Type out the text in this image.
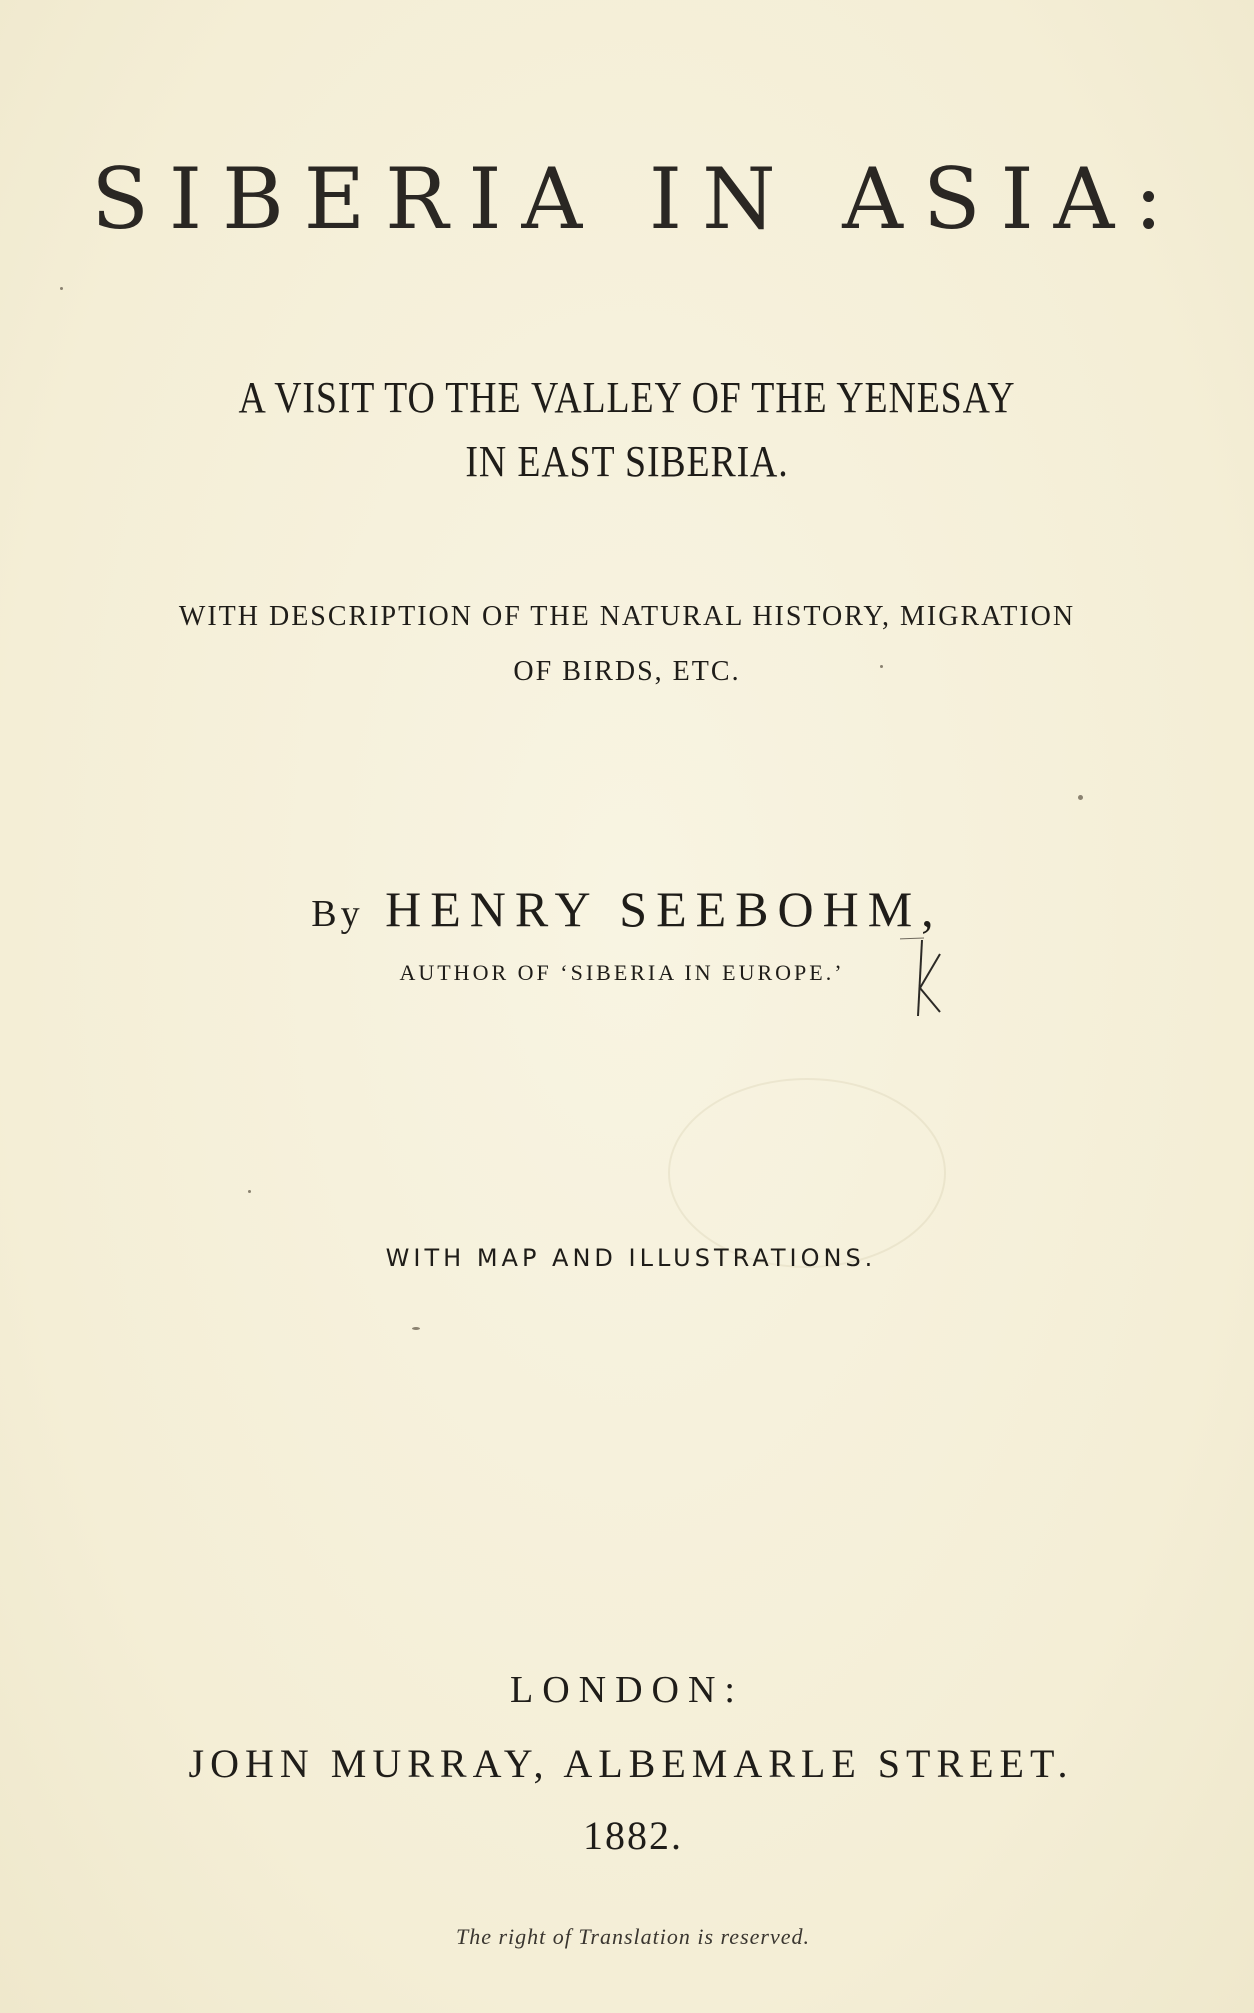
SIBERIA IN ASIA:
A VISIT TO THE VALLEY OF THE YENESAY
IN EAST SIBERIA.
WITH DESCRIPTION OF THE NATURAL HISTORY, MIGRATION
OF BIRDS, ETC.
By HENRY SEEBOHM,
AUTHOR OF ‘SIBERIA IN EUROPE.’
WITH MAP AND ILLUSTRATIONS.
LONDON:
JOHN MURRAY, ALBEMARLE STREET.
1882.
The right of Translation is reserved.
